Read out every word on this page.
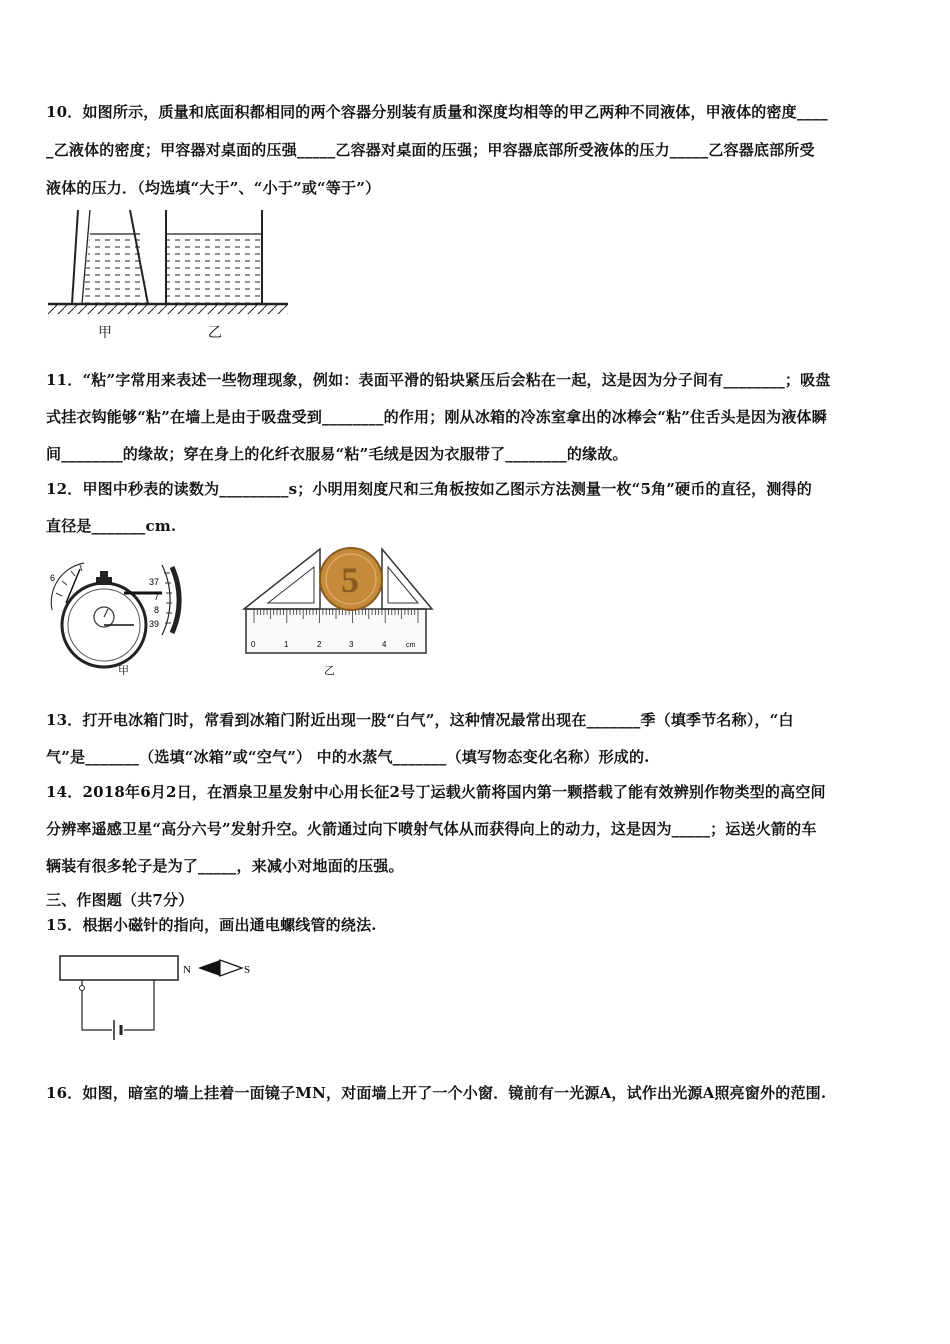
10．如图所示，质量和底面积都相同的两个容器分别装有质量和深度均相等的甲乙两种不同液体，甲液体的密度____
_乙液体的密度；甲容器对桌面的压强_____乙容器对桌面的压强；甲容器底部所受液体的压力_____乙容器底部所受
液体的压力．（均选填“大于”、“小于”或“等于”）
甲	乙
11．“粘”字常用来表述一些物理现象，例如：表面平滑的铅块紧压后会粘在一起，这是因为分子间有________；吸盘
式挂衣钩能够“粘”在墙上是由于吸盘受到________的作用；刚从冰箱的冷冻室拿出的冰棒会“粘”住舌头是因为液体瞬
间________的缘故；穿在身上的化纤衣服易“粘”毛绒是因为衣服带了________的缘故。
12．甲图中秒表的读数为_________s；小明用刻度尺和三角板按如乙图示方法测量一枚“5角”硬币的直径，测得的
直径是_______cm.
6	37
7
8
39
甲
5
0	1	2	3	4	cm
乙
13．打开电冰箱门时，常看到冰箱门附近出现一股“白气”，这种情况最常出现在_______季（填季节名称），“白
气”是_______（选填“冰箱”或“空气”） 中的水蒸气_______（填写物态变化名称）形成的.
14．2018年6月2日，在酒泉卫星发射中心用长征2号丁运载火箭将国内第一颗搭载了能有效辨别作物类型的高空间
分辨率遥感卫星“高分六号”发射升空。火箭通过向下喷射气体从而获得向上的动力，这是因为_____；运送火箭的车
辆装有很多轮子是为了_____，来减小对地面的压强。
三、作图题（共7分）
15．根据小磁针的指向，画出通电螺线管的绕法.
N	S
16．如图，暗室的墙上挂着一面镜子MN，对面墙上开了一个小窗．镜前有一光源A，试作出光源A照亮窗外的范围.
